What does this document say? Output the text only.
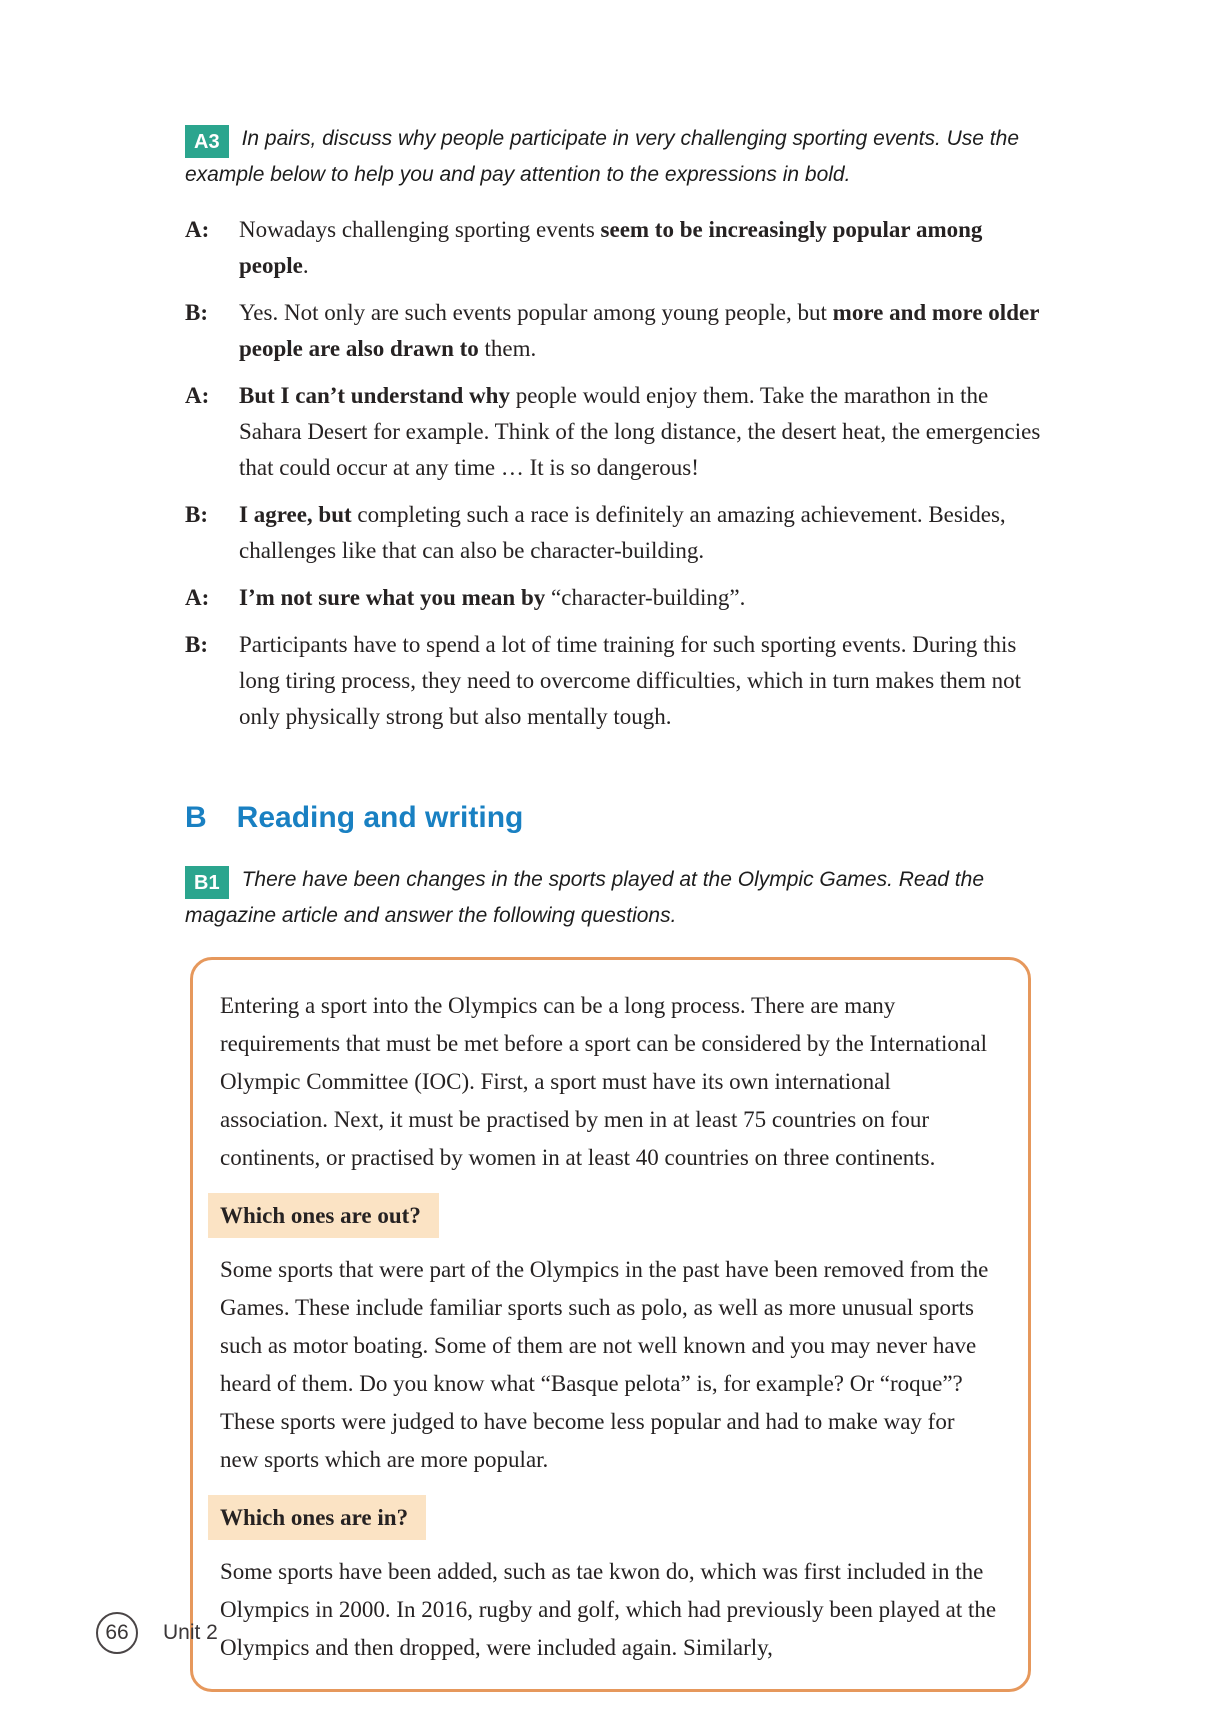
A3 In pairs, discuss why people participate in very challenging sporting events. Use the example below to help you and pay attention to the expressions in bold.
A:	Nowadays challenging sporting events seem to be increasingly popular among people.
B:	Yes. Not only are such events popular among young people, but more and more older people are also drawn to them.
A:	But I can’t understand why people would enjoy them. Take the marathon in the Sahara Desert for example. Think of the long distance, the desert heat, the emergencies that could occur at any time … It is so dangerous!
B:	I agree, but completing such a race is definitely an amazing achievement. Besides, challenges like that can also be character-building.
A:	I’m not sure what you mean by “character-building”.
B:	Participants have to spend a lot of time training for such sporting events. During this long tiring process, they need to overcome difficulties, which in turn makes them not only physically strong but also mentally tough.
B Reading and writing
B1 There have been changes in the sports played at the Olympic Games. Read the magazine article and answer the following questions.

Entering a sport into the Olympics can be a long process. There are many requirements that must be met before a sport can be considered by the International Olympic Committee (IOC). First, a sport must have its own international association. Next, it must be practised by men in at least 75 countries on four continents, or practised by women in at least 40 countries on three continents.

Which ones are out?

Some sports that were part of the Olympics in the past have been removed from the Games. These include familiar sports such as polo, as well as more unusual sports such as motor boating. Some of them are not well known and you may never have heard of them. Do you know what “Basque pelota” is, for example? Or “roque”? These sports were judged to have become less popular and had to make way for new sports which are more popular.

Which ones are in?

Some sports have been added, such as tae kwon do, which was first included in the Olympics in 2000. In 2016, rugby and golf, which had previously been played at the Olympics and then dropped, were included again. Similarly,

66	Unit 2
